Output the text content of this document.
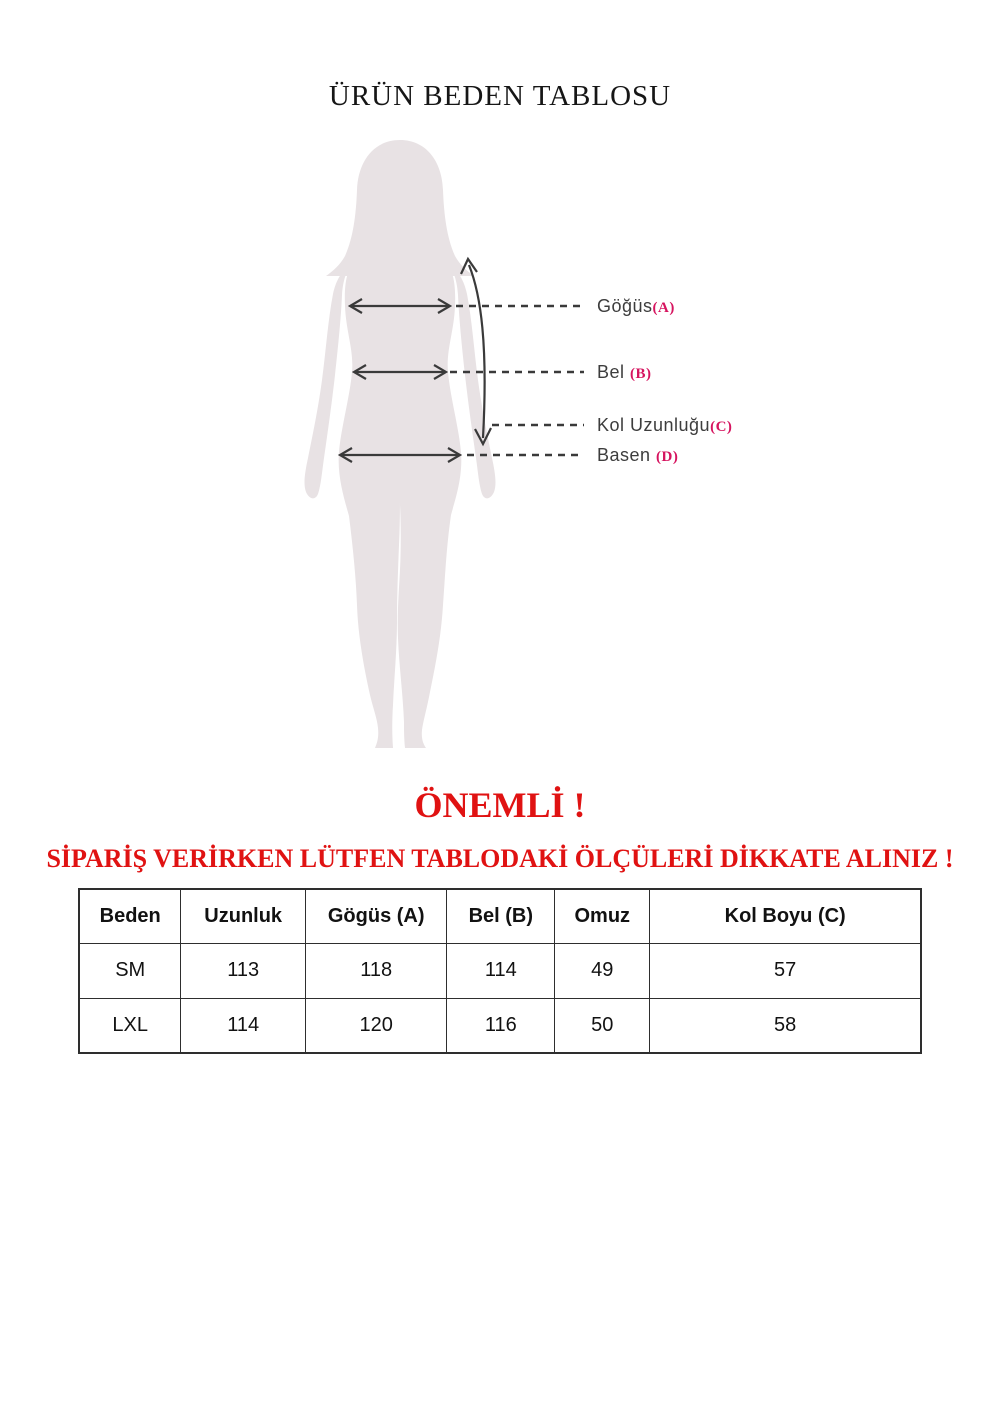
ÜRÜN BEDEN TABLOSU
Göğüs(A)
Bel (B)
Kol Uzunluğu(C)
Basen (D)
ÖNEMLİ !
SİPARİŞ VERİRKEN LÜTFEN TABLODAKİ ÖLÇÜLERİ DİKKATE ALINIZ !
Beden	Uzunluk	Gögüs (A)	Bel (B)	Omuz	Kol Boyu (C)
SM	113	118	114	49	57
LXL	114	120	116	50	58
